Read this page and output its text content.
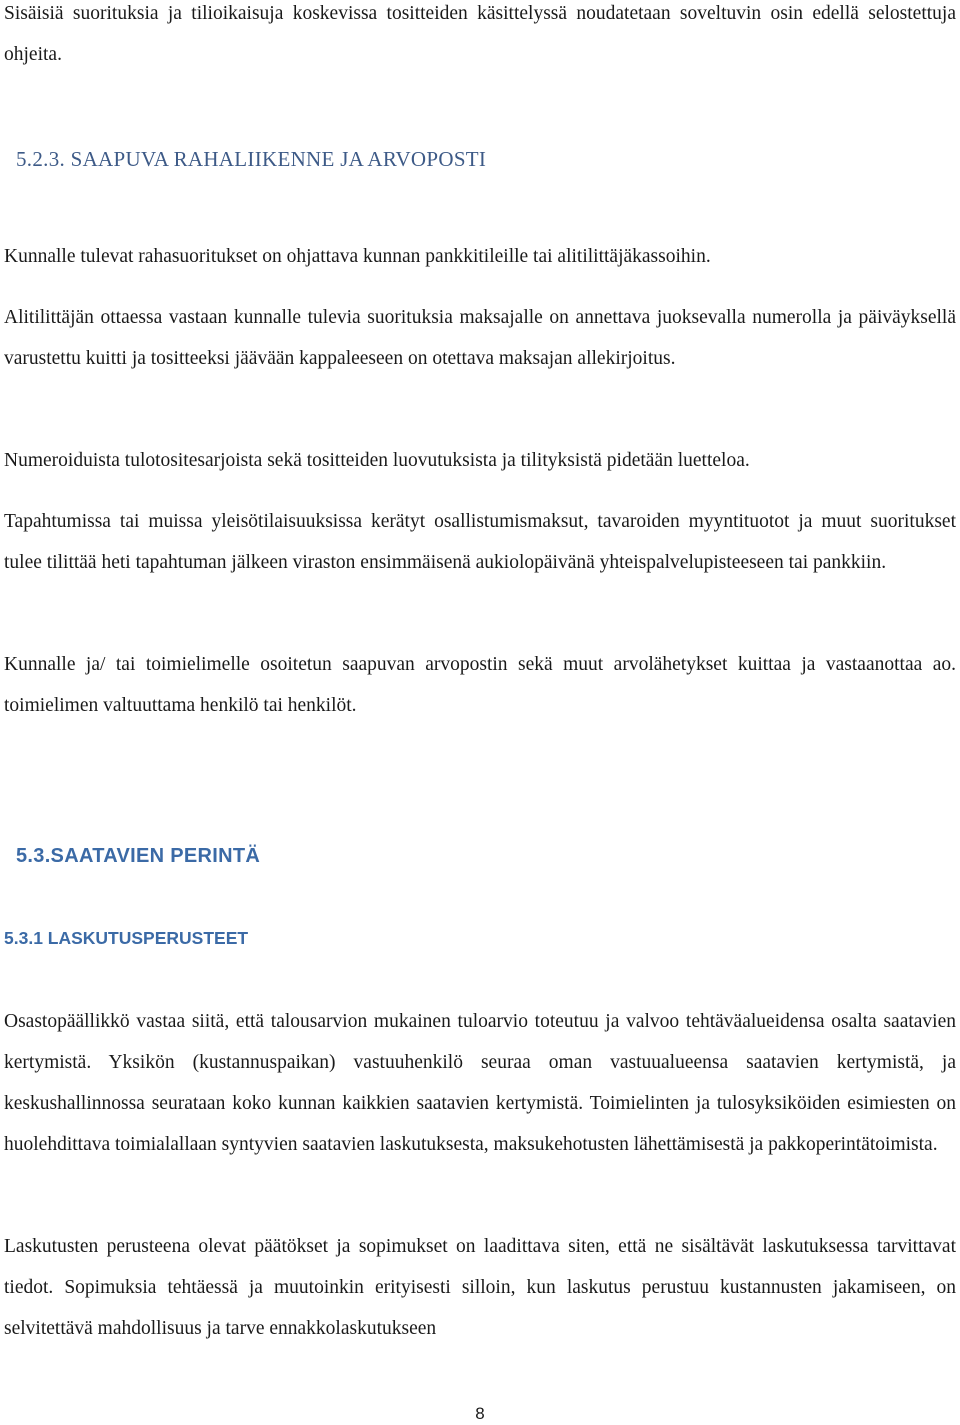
Sisäisiä suorituksia ja tilioikaisuja koskevissa tositteiden käsittelyssä noudatetaan soveltuvin osin edellä selostettuja ohjeita.

5.2.3. SAAPUVA RAHALIIKENNE JA ARVOPOSTI

Kunnalle tulevat rahasuoritukset on ohjattava kunnan pankkitileille tai alitilittäjäkassoihin.

Alitilittäjän ottaessa vastaan kunnalle tulevia suorituksia maksajalle on annettava juoksevalla numerolla ja päiväyksellä varustettu kuitti ja tositteeksi jäävään kappaleeseen on otettava maksajan allekirjoitus.

Numeroiduista tulotositesarjoista sekä tositteiden luovutuksista ja tilityksistä pidetään luetteloa.

Tapahtumissa tai muissa yleisötilaisuuksissa kerätyt osallistumismaksut, tavaroiden myyntituotot ja muut suoritukset tulee tilittää heti tapahtuman jälkeen viraston ensimmäisenä aukiolopäivänä yhteispalvelupisteeseen tai pankkiin.

Kunnalle ja/ tai toimielimelle osoitetun saapuvan arvopostin sekä muut arvolähetykset kuittaa ja vastaanottaa ao. toimielimen valtuuttama henkilö tai henkilöt.

5.3.SAATAVIEN PERINTÄ
5.3.1 LASKUTUSPERUSTEET

Osastopäällikkö vastaa siitä, että talousarvion mukainen tuloarvio toteutuu ja valvoo tehtäväalueidensa osalta saatavien kertymistä. Yksikön (kustannuspaikan) vastuuhenkilö seuraa oman vastuualueensa saatavien kertymistä, ja keskushallinnossa seurataan koko kunnan kaikkien saatavien kertymistä. Toimielinten ja tulosyksiköiden esimiesten on huolehdittava toimialallaan syntyvien saatavien laskutuksesta, maksukehotusten lähettämisestä ja pakkoperintätoimista.

Laskutusten perusteena olevat päätökset ja sopimukset on laadittava siten, että ne sisältävät laskutuksessa tarvittavat tiedot. Sopimuksia tehtäessä ja muutoinkin erityisesti silloin, kun laskutus perustuu kustannusten jakamiseen, on selvitettävä mahdollisuus ja tarve ennakkolaskutukseen

8
